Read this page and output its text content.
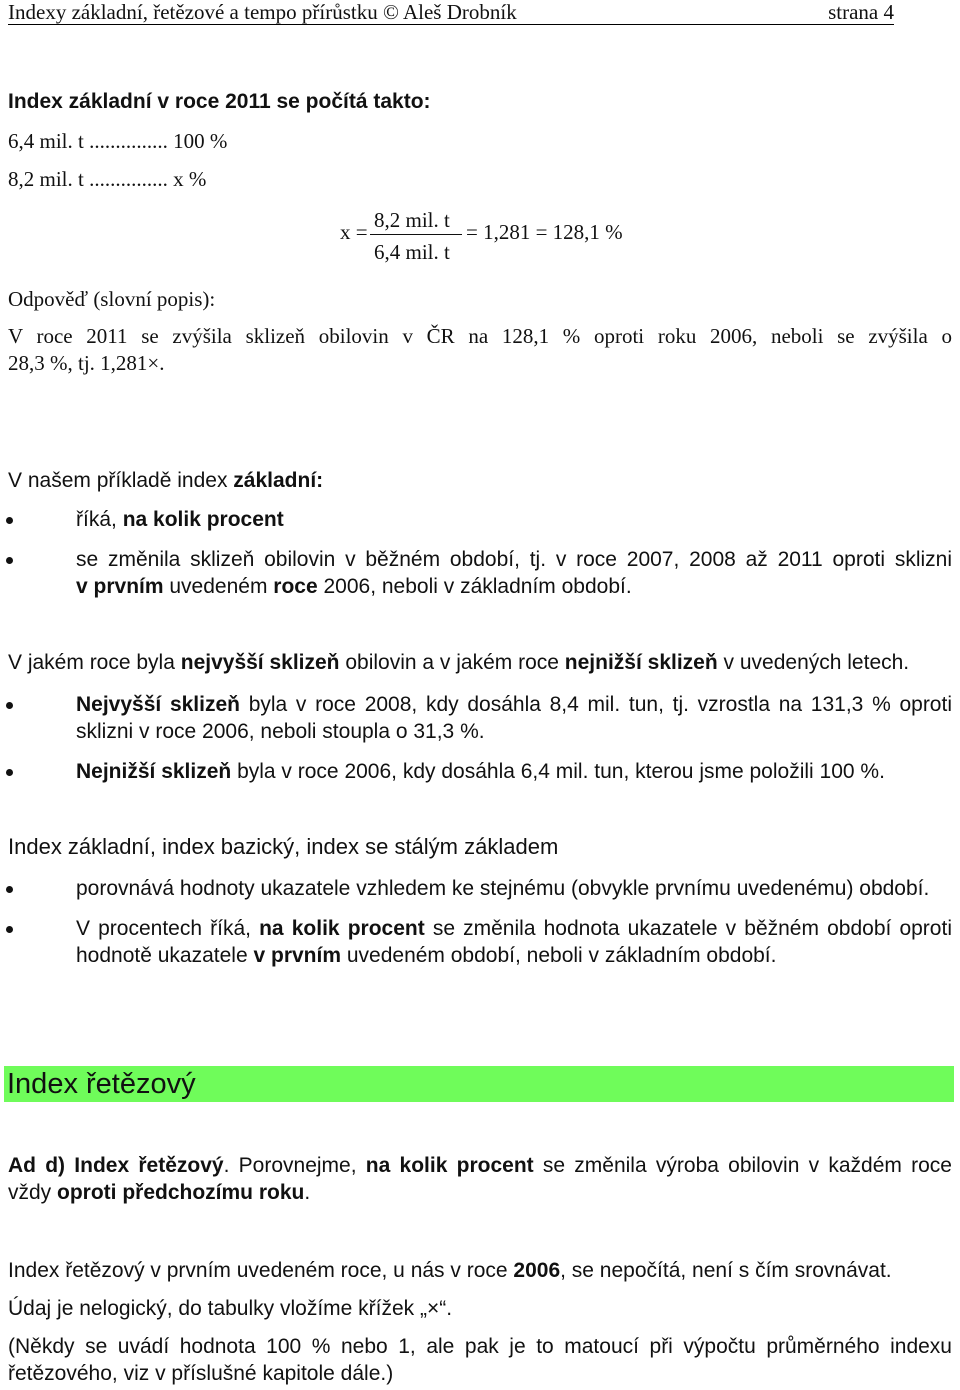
Indexy základní, řetězové a tempo přírůstku © Aleš Drobník	strana 4
Index základní v roce 2011 se počítá takto:
6,4 mil. t ............... 100 %
8,2 mil. t ............... x %
x = 8,2 mil. t
6,4 mil. t
= 1,281 = 128,1 %
Odpověď (slovní popis):
V roce 2011 se zvýšila sklizeň obilovin v ČR na 128,1 % oproti roku 2006, neboli se zvýšila o
28,3 %, tj. 1,281×.
V našem příkladě index základní:
říká, na kolik procent
se změnila sklizeň obilovin v běžném období, tj. v roce 2007, 2008 až 2011 oproti sklizni
v prvním uvedeném roce 2006, neboli v základním období.
V jakém roce byla nejvyšší sklizeň obilovin a v jakém roce nejnižší sklizeň v uvedených letech.
Nejvyšší sklizeň byla v roce 2008, kdy dosáhla 8,4 mil. tun, tj. vzrostla na 131,3 % oproti
sklizni v roce 2006, neboli stoupla o 31,3 %.
Nejnižší sklizeň byla v roce 2006, kdy dosáhla 6,4 mil. tun, kterou jsme položili 100 %.
Index základní, index bazický, index se stálým základem
porovnává hodnoty ukazatele vzhledem ke stejnému (obvykle prvnímu uvedenému) období.
V procentech říká, na kolik procent se změnila hodnota ukazatele v běžném období oproti
hodnotě ukazatele v prvním uvedeném období, neboli v základním období.
Index řetězový
Ad d) Index řetězový. Porovnejme, na kolik procent se změnila výroba obilovin v každém roce
vždy oproti předchozímu roku.
Index řetězový v prvním uvedeném roce, u nás v roce 2006, se nepočítá, není s čím srovnávat.
Údaj je nelogický, do tabulky vložíme křížek „×“.
(Někdy se uvádí hodnota 100 % nebo 1, ale pak je to matoucí při výpočtu průměrného indexu
řetězového, viz v příslušné kapitole dále.)
